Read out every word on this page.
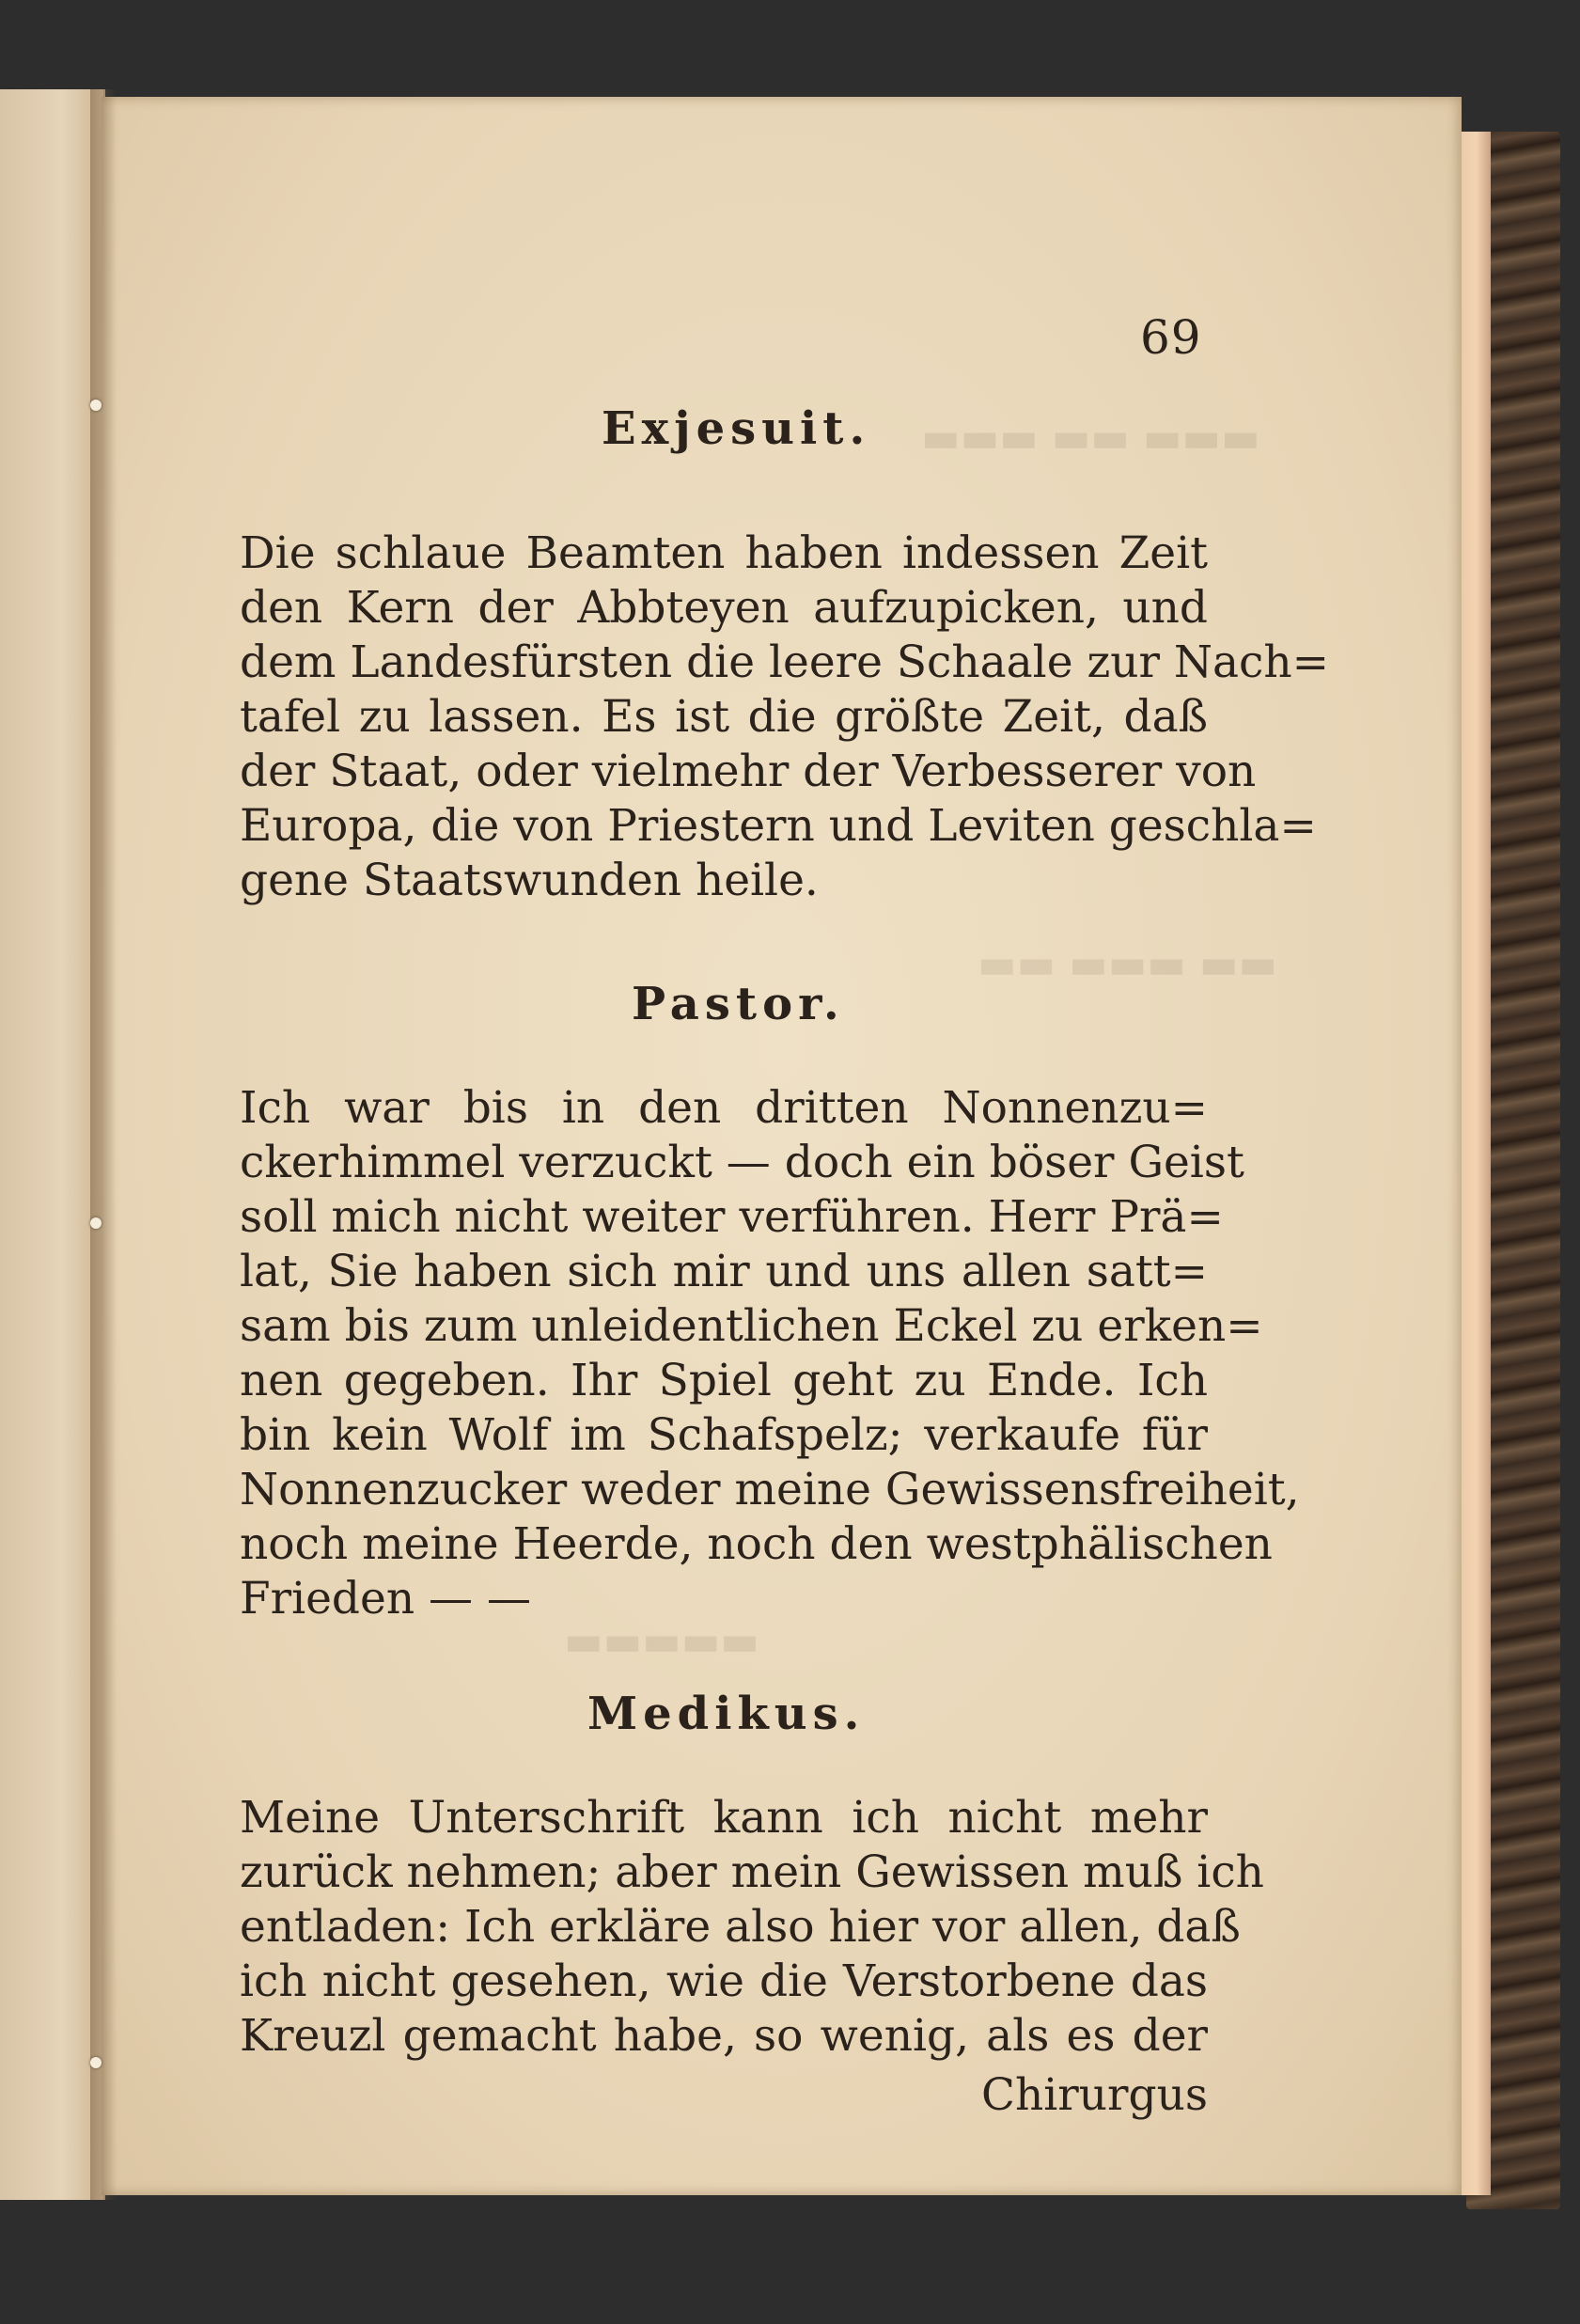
▬▬▬ ▬▬ ▬▬▬
▬▬ ▬▬▬ ▬▬
▬▬▬▬▬
69
Exjesuit.
Die schlaue Beamten haben indessen Zeit
den Kern der Abbteyen aufzupicken, und
dem Landesfürsten die leere Schaale zur Nach=
tafel zu lassen. Es ist die größte Zeit, daß
der Staat, oder vielmehr der Verbesserer von
Europa, die von Priestern und Leviten geschla=
gene Staatswunden heile.
Pastor.
Ich war bis in den dritten Nonnenzu=
ckerhimmel verzuckt — doch ein böser Geist
soll mich nicht weiter verführen. Herr Prä=
lat, Sie haben sich mir und uns allen satt=
sam bis zum unleidentlichen Eckel zu erken=
nen gegeben. Ihr Spiel geht zu Ende. Ich
bin kein Wolf im Schafspelz; verkaufe für
Nonnenzucker weder meine Gewissensfreiheit,
noch meine Heerde, noch den westphälischen
Frieden — —
Medikus.
Meine Unterschrift kann ich nicht mehr
zurück nehmen; aber mein Gewissen muß ich
entladen: Ich erkläre also hier vor allen, daß
ich nicht gesehen, wie die Verstorbene das
Kreuzl gemacht habe, so wenig, als es der
Chirurgus
